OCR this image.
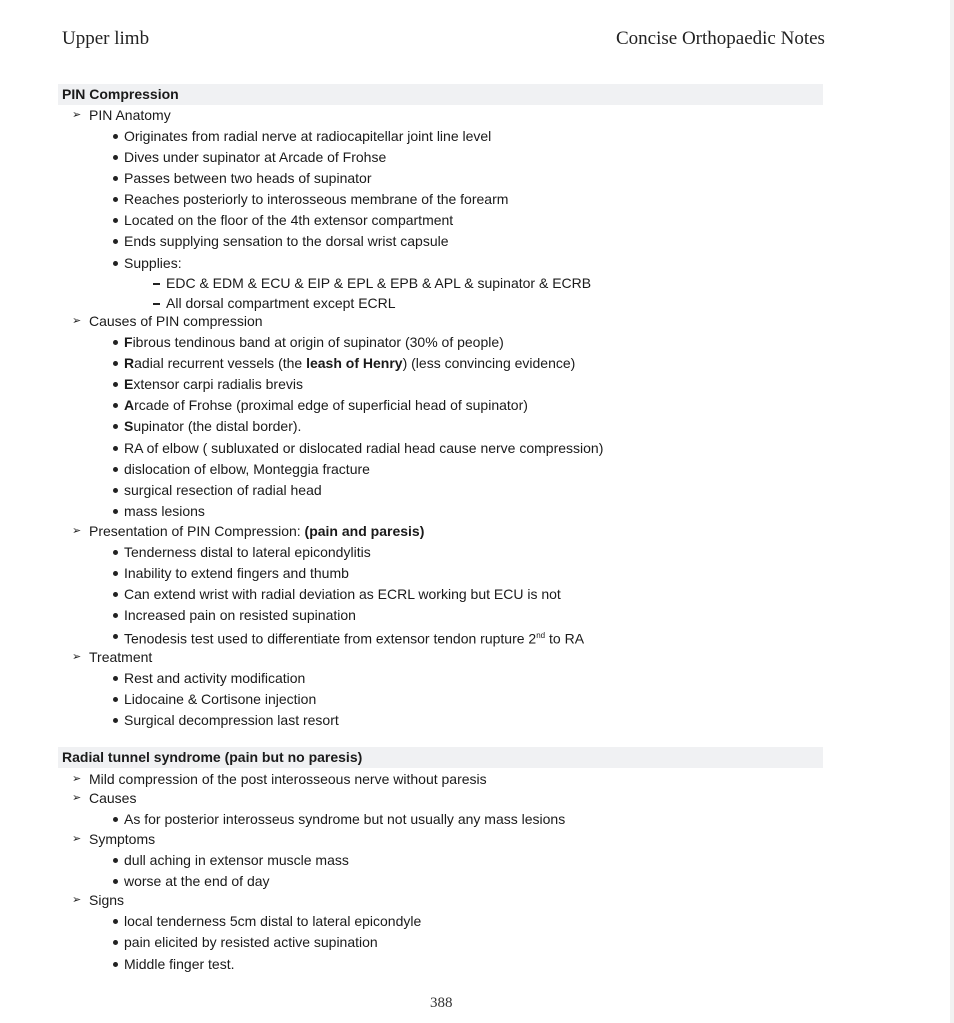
Upper limb	Concise Orthopaedic Notes
PIN Compression
➢ PIN Anatomy
Originates from radial nerve at radiocapitellar joint line level
Dives under supinator at Arcade of Frohse
Passes between two heads of supinator
Reaches posteriorly to interosseous membrane of the forearm
Located on the floor of the 4th extensor compartment
Ends supplying sensation to the dorsal wrist capsule
Supplies:
EDC & EDM & ECU & EIP & EPL & EPB & APL & supinator & ECRB
All dorsal compartment except ECRL
➢ Causes of PIN compression
Fibrous tendinous band at origin of supinator (30% of people)
Radial recurrent vessels (the leash of Henry) (less convincing evidence)
Extensor carpi radialis brevis
Arcade of Frohse (proximal edge of superficial head of supinator)
Supinator (the distal border).
RA of elbow ( subluxated or dislocated radial head cause nerve compression)
dislocation of elbow, Monteggia fracture
surgical resection of radial head
mass lesions
➢ Presentation of PIN Compression: (pain and paresis)
Tenderness distal to lateral epicondylitis
Inability to extend fingers and thumb
Can extend wrist with radial deviation as ECRL working but ECU is not
Increased pain on resisted supination
Tenodesis test used to differentiate from extensor tendon rupture 2nd to RA
➢ Treatment
Rest and activity modification
Lidocaine & Cortisone injection
Surgical decompression last resort
Radial tunnel syndrome (pain but no paresis)
➢ Mild compression of the post interosseous nerve without paresis
➢ Causes
As for posterior interosseus syndrome but not usually any mass lesions
➢ Symptoms
dull aching in extensor muscle mass
worse at the end of day
➢ Signs
local tenderness 5cm distal to lateral epicondyle
pain elicited by resisted active supination
Middle finger test.
388
